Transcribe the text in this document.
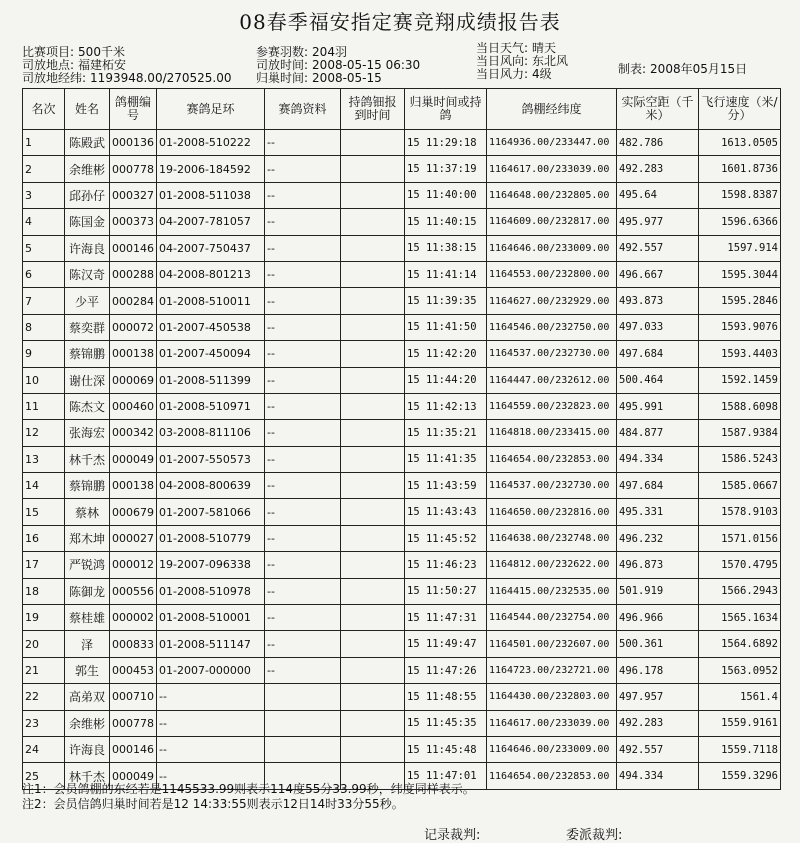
08春季福安指定赛竞翔成绩报告表
比赛项目: 500千米
司放地点: 福建柘安
司放地经纬: 1193948.00/270525.00
参赛羽数: 204羽
司放时间: 2008-05-15 06:30
归巢时间: 2008-05-15
当日天气: 晴天
当日风向: 东北风
当日风力: 4级	制表: 2008年05月15日
名次	姓名	鸽棚编号	赛鸽足环	赛鸽资料	持鸽钿报到时间	归巢时间或持鸽	鸽棚经纬度	实际空距（千米）	飞行速度（米/分）
1	陈殿武	000136	01-2008-510222	--		15 11:29:18	1164936.00/233447.00	482.786	1613.0505
2	余维彬	000778	19-2006-184592	--		15 11:37:19	1164617.00/233039.00	492.283	1601.8736
3	邱孙仔	000327	01-2008-511038	--		15 11:40:00	1164648.00/232805.00	495.64	1598.8387
4	陈国金	000373	04-2007-781057	--		15 11:40:15	1164609.00/232817.00	495.977	1596.6366
5	许海良	000146	04-2007-750437	--		15 11:38:15	1164646.00/233009.00	492.557	1597.914
6	陈汉奇	000288	04-2008-801213	--		15 11:41:14	1164553.00/232800.00	496.667	1595.3044
7	少平	000284	01-2008-510011	--		15 11:39:35	1164627.00/232929.00	493.873	1595.2846
8	蔡奕群	000072	01-2007-450538	--		15 11:41:50	1164546.00/232750.00	497.033	1593.9076
9	蔡锦鹏	000138	01-2007-450094	--		15 11:42:20	1164537.00/232730.00	497.684	1593.4403
10	谢仕深	000069	01-2008-511399	--		15 11:44:20	1164447.00/232612.00	500.464	1592.1459
11	陈杰文	000460	01-2008-510971	--		15 11:42:13	1164559.00/232823.00	495.991	1588.6098
12	张海宏	000342	03-2008-811106	--		15 11:35:21	1164818.00/233415.00	484.877	1587.9384
13	林千杰	000049	01-2007-550573	--		15 11:41:35	1164654.00/232853.00	494.334	1586.5243
14	蔡锦鹏	000138	04-2008-800639	--		15 11:43:59	1164537.00/232730.00	497.684	1585.0667
15	蔡林	000679	01-2007-581066	--		15 11:43:43	1164650.00/232816.00	495.331	1578.9103
16	郑木坤	000027	01-2008-510779	--		15 11:45:52	1164638.00/232748.00	496.232	1571.0156
17	严锐鸿	000012	19-2007-096338	--		15 11:46:23	1164812.00/232622.00	496.873	1570.4795
18	陈御龙	000556	01-2008-510978	--		15 11:50:27	1164415.00/232535.00	501.919	1566.2943
19	蔡桂雄	000002	01-2008-510001	--		15 11:47:31	1164544.00/232754.00	496.966	1565.1634
20	泽	000833	01-2008-511147	--		15 11:49:47	1164501.00/232607.00	500.361	1564.6892
21	郭生	000453	01-2007-000000	--		15 11:47:26	1164723.00/232721.00	496.178	1563.0952
22	高弟双	000710	--			15 11:48:55	1164430.00/232803.00	497.957	1561.4
23	余维彬	000778	--			15 11:45:35	1164617.00/233039.00	492.283	1559.9161
24	许海良	000146	--			15 11:45:48	1164646.00/233009.00	492.557	1559.7118
25	林千杰	000049	--			15 11:47:01	1164654.00/232853.00	494.334	1559.3296
注1：会员鸽棚的东经若是1145533.99则表示114度55分33.99秒，纬度同样表示。
注2：会员信鸽归巢时间若是12 14:33:55则表示12日14时33分55秒。
记录裁判:	委派裁判:
